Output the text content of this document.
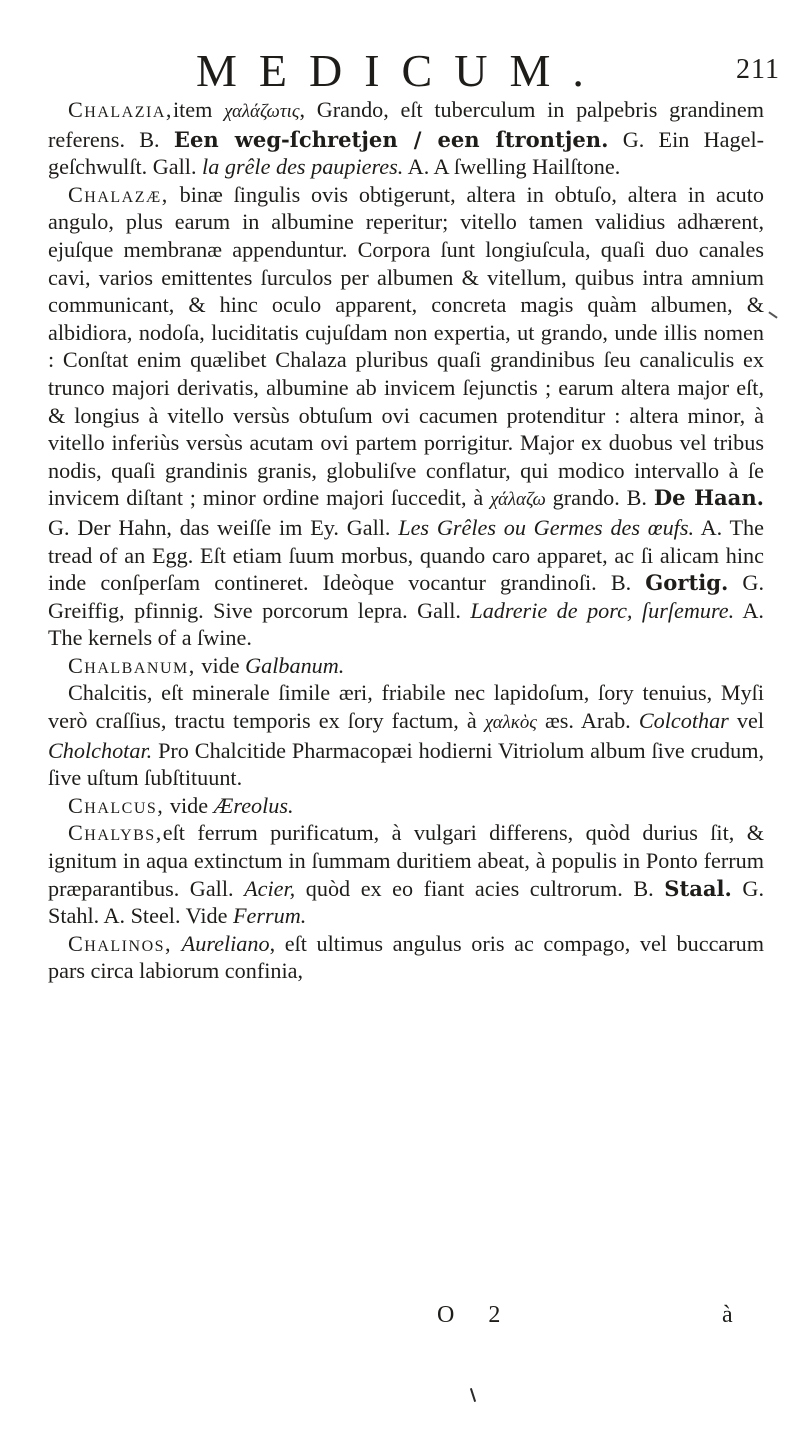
MEDICUM.	211

Chalazia,item χαλάζωτις, Grando, eſt tuberculum in palpebris grandinem referens. B. Een weg-ſchretjen / een ſtrontjen. G. Ein Hagel-geſchwulſt. Gall. la grêle des paupieres. A. A ſwelling Hailſtone.

Chalazæ, binæ ſingulis ovis obtigerunt, altera in obtuſo, altera in acuto angulo, plus earum in albumine reperitur; vitello tamen validius adhærent, ejuſque membranæ appenduntur. Corpora ſunt longiuſcula, quaſi duo canales cavi, varios emittentes ſurculos per albumen & vitellum, quibus intra amnium communicant, & hinc oculo apparent, concreta magis quàm albumen, & albidiora, nodoſa, luciditatis cujuſdam non expertia, ut grando, unde illis nomen : Conſtat enim quælibet Chalaza pluribus quaſi grandinibus ſeu canaliculis ex trunco majori derivatis, albumine ab invicem ſejunctis ; earum altera major eſt, & longius à vitello versùs obtuſum ovi cacumen protenditur : altera minor, à vitello inferiùs versùs acutam ovi partem porrigitur. Major ex duobus vel tribus nodis, quaſi grandinis granis, globuliſve conflatur, qui modico intervallo à ſe invicem diſtant ; minor ordine majori ſuccedit, à χάλαζω grando. B. De Haan. G. Der Hahn, das weiſſe im Ey. Gall. Les Grêles ou Germes des œufs. A. The tread of an Egg. Eſt etiam ſuum morbus, quando caro apparet, ac ſi alicam hinc inde conſperſam contineret. Ideòque vocantur grandinoſi. B. Gortig. G. Greiffig, pfinnig. Sive porcorum lepra. Gall. Ladrerie de porc, ſurſemure. A. The kernels of a ſwine.

Chalbanum, vide Galbanum.

Chalcitis, eſt minerale ſimile æri, friabile nec lapidoſum, ſory tenuius, Myſi verò craſſius, tractu temporis ex ſory factum, à χαλκὸς æs. Arab. Colcothar vel Cholchotar. Pro Chalcitide Pharmacopæi hodierni Vitriolum album ſive crudum, ſive uſtum ſubſtituunt.

Chalcus, vide Æreolus.

Chalybs,eſt ferrum purificatum, à vulgari differens, quòd durius ſit, & ignitum in aqua extinctum in ſummam duritiem abeat, à populis in Ponto ferrum præparantibus. Gall. Acier, quòd ex eo fiant acies cultrorum. B. Staal. G. Stahl. A. Steel. Vide Ferrum.

Chalinos, Aureliano, eſt ultimus angulus oris ac compago, vel buccarum pars circa labiorum confinia,

O 2	à
